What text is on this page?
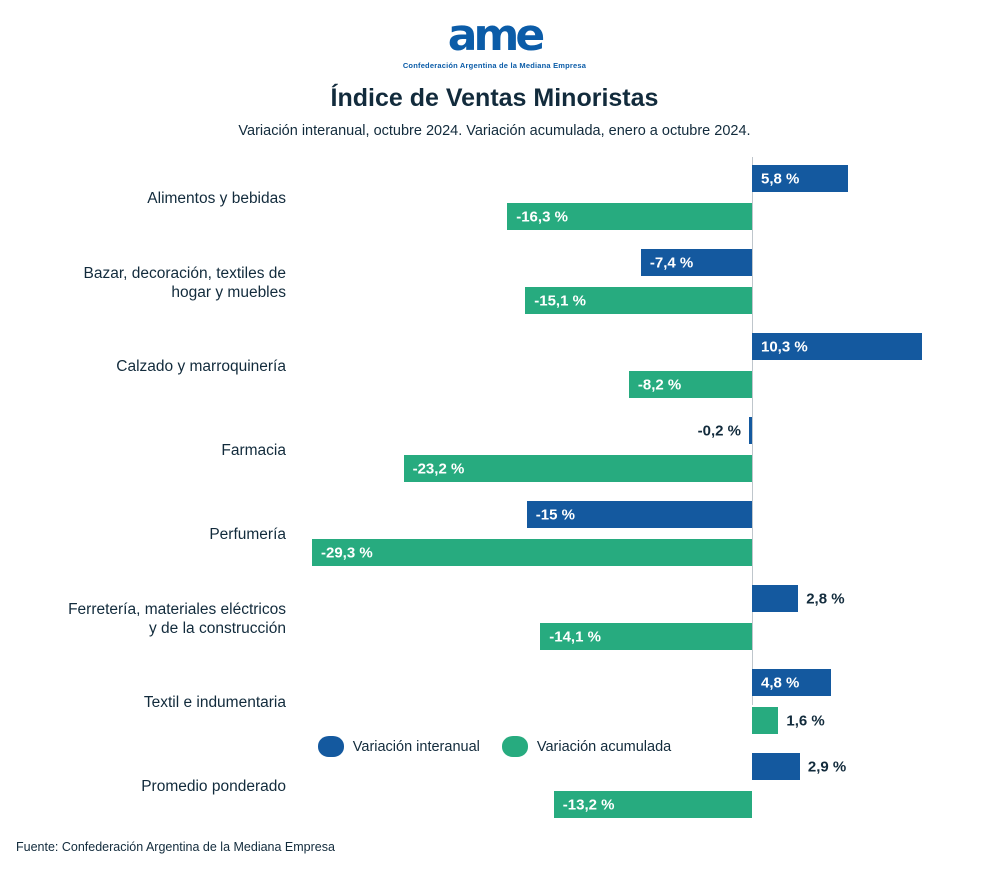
ame
Confederación Argentina de la Mediana Empresa
Índice de Ventas Minoristas
Variación interanual, octubre 2024. Variación acumulada, enero a octubre 2024.
Alimentos y bebidas
5,8 %
-16,3 %
Bazar, decoración, textiles de
hogar y muebles
-7,4 %
-15,1 %
Calzado y marroquinería
10,3 %
-8,2 %
Farmacia
-0,2 %
-23,2 %
Perfumería
-15 %
-29,3 %
Ferretería, materiales eléctricos
y de la construcción
2,8 %
-14,1 %
Textil e indumentaria
4,8 %
1,6 %
Promedio ponderado
2,9 %
-13,2 %
Variación interanual	Variación acumulada
Fuente: Confederación Argentina de la Mediana Empresa
